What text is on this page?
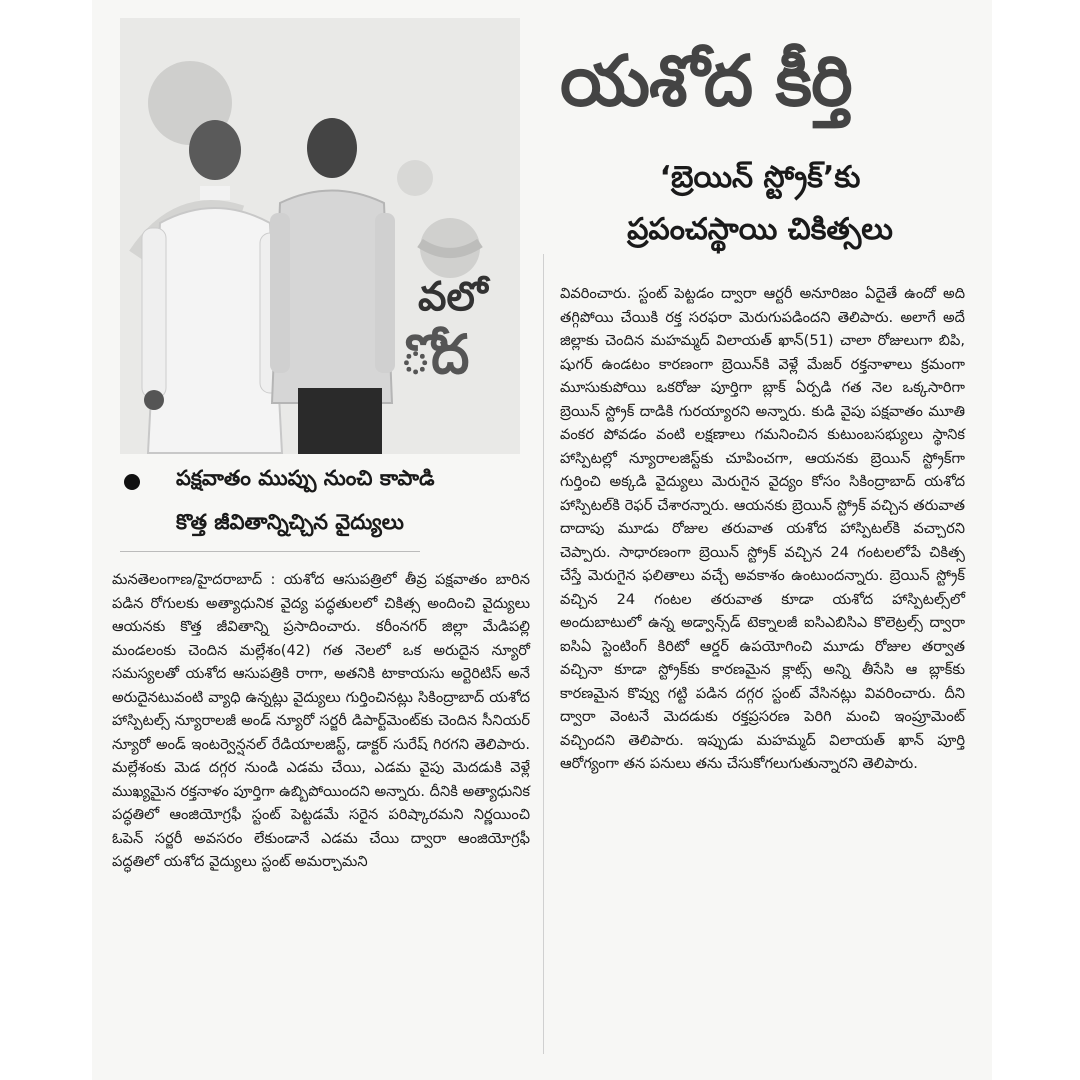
వలో
ోద
పక్షవాతం ముప్పు నుంచి కాపాడి
కొత్త జీవితాన్నిచ్చిన వైద్యులు
యశోద కీర్తి
‘బ్రెయిన్ స్ట్రోక్’కు
ప్రపంచస్థాయి చికిత్సలు

మనతెలంగాణ/హైదరాబాద్ : యశోద ఆసుపత్రిలో తీవ్ర పక్షవాతం బారిన పడిన రోగులకు అత్యాధునిక వైద్య పద్ధతులలో చికిత్స అందించి వైద్యులు ఆయనకు కొత్త జీవితాన్ని ప్రసాదించారు. కరీంనగర్ జిల్లా మేడిపల్లి మండలంకు చెందిన మల్లేశం(42) గత నెలలో ఒక అరుదైన న్యూరో సమస్యలతో యశోద ఆసుపత్రికి రాగా, అతనికి టాకాయసు అర్టెరిటిస్ అనే అరుదైనటువంటి వ్యాధి ఉన్నట్లు వైద్యులు గుర్తించినట్లు సికింద్రాబాద్ యశోద హాస్పిటల్స్ న్యూరాలజీ అండ్ న్యూరో సర్జరీ డిపార్ట్‌మెంట్‌కు చెందిన సీనియర్ న్యూరో అండ్ ఇంటర్వెన్షనల్ రేడియాలజిస్ట్, డాక్టర్ సురేష్ గిరగని తెలిపారు. మల్లేశంకు మెడ దగ్గర నుండి ఎడమ చేయి, ఎడమ వైపు మెదడుకి వెళ్లే ముఖ్యమైన రక్తనాళం పూర్తిగా ఉబ్బిపోయిందని అన్నారు. దీనికి అత్యాధునిక పద్ధతిలో ఆంజియోగ్రఫీ స్టంట్ పెట్టడమే సరైన పరిష్కారమని నిర్ణయించి ఓపెన్ సర్జరీ అవసరం లేకుండానే ఎడమ చేయి ద్వారా ఆంజియోగ్రఫీ పద్ధతిలో యశోద వైద్యులు స్టంట్ అమర్చామని

వివరించారు. స్టంట్ పెట్టడం ద్వారా ఆర్టరీ అనూరిజం ఏదైతే ఉందో అది తగ్గిపోయి చేయికి రక్త సరఫరా మెరుగుపడిందని తెలిపారు. అలాగే అదే జిల్లాకు చెందిన మహమ్మద్ విలాయత్ ఖాన్(51) చాలా రోజులుగా బిపి, షుగర్ ఉండటం కారణంగా బ్రెయిన్‌కి వెళ్లే మేజర్ రక్తనాళాలు క్రమంగా మూసుకుపోయి ఒకరోజు పూర్తిగా బ్లాక్ ఏర్పడి గత నెల ఒక్కసారిగా బ్రెయిన్ స్ట్రోక్ దాడికి గురయ్యారని అన్నారు. కుడి వైపు పక్షవాతం మూతి వంకర పోవడం వంటి లక్షణాలు గమనించిన కుటుంబసభ్యులు స్థానిక హాస్పిటల్లో న్యూరాలజిస్ట్‌కు చూపించగా, ఆయనకు బ్రెయిన్ స్ట్రోక్‌గా గుర్తించి అక్కడి వైద్యులు మెరుగైన వైద్యం కోసం సికింద్రాబాద్ యశోద హాస్పిటల్‌కి రెఫర్ చేశారన్నారు. ఆయనకు బ్రెయిన్ స్ట్రోక్ వచ్చిన తరువాత దాదాపు మూడు రోజుల తరువాత యశోద హాస్పిటల్‌కి వచ్చారని చెప్పారు. సాధారణంగా బ్రెయిన్ స్ట్రోక్ వచ్చిన 24 గంటలలోపే చికిత్స చేస్తే మెరుగైన ఫలితాలు వచ్చే అవకాశం ఉంటుందన్నారు. బ్రెయిన్ స్ట్రోక్ వచ్చిన 24 గంటల తరువాత కూడా యశోద హాస్పిటల్స్‌లో అందుబాటులో ఉన్న అడ్వాన్స్‌డ్ టెక్నాలజీ ఐసిఎబిసిఎ కొలెట్రల్స్ ద్వారా ఐసిఏ స్టెంటింగ్ కిరిటో ఆర్డర్ ఉపయోగించి మూడు రోజుల తర్వాత వచ్చినా కూడా స్ట్రోక్‌కు కారణమైన క్లాట్స్ అన్ని తీసేసి ఆ బ్లాక్‌కు కారణమైన కొవ్వు గట్టి పడిన దగ్గర స్టంట్ వేసినట్లు వివరించారు. దీని ద్వారా వెంటనే మెదడుకు రక్తప్రసరణ పెరిగి మంచి ఇంప్రూమెంట్ వచ్చిందని తెలిపారు. ఇప్పుడు మహమ్మద్ విలాయత్ ఖాన్ పూర్తి ఆరోగ్యంగా తన పనులు తను చేసుకోగలుగుతున్నారని తెలిపారు.
